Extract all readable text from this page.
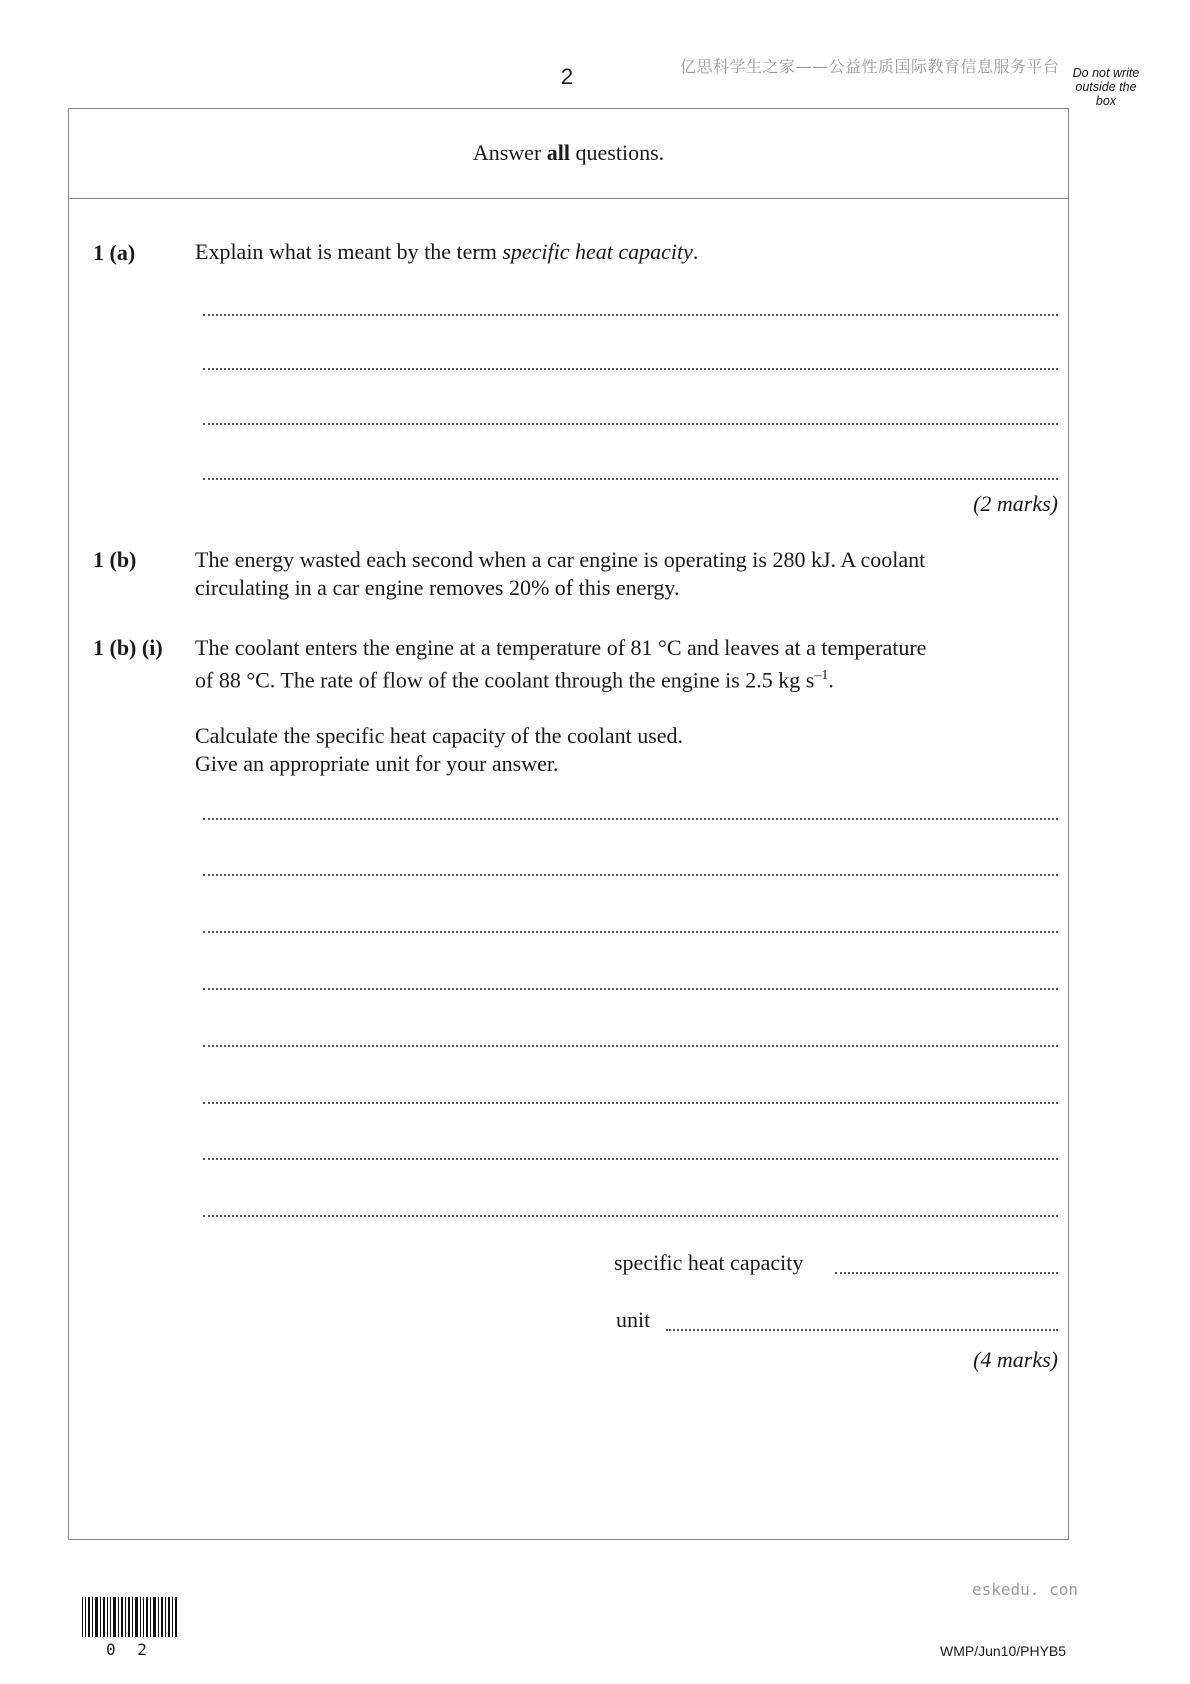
2	亿思科学生之家——公益性质国际教育信息服务平台	Do not write
outside the
box
Answer all questions.
1 (a)	Explain what is meant by the term specific heat capacity.
(2 marks)
1 (b)	The energy wasted each second when a car engine is operating is 280 kJ. A coolant
circulating in a car engine removes 20% of this energy.
1 (b) (i) The coolant enters the engine at a temperature of 81 °C and leaves at a temperature
of 88 °C. The rate of flow of the coolant through the engine is 2.5 kg $s^{-1}$.
Calculate the specific heat capacity of the coolant used.
Give an appropriate unit for your answer.
specific heat capacity
unit
(4 marks)
eskedu. con
0 2	WMP/Jun10/PHYB5
